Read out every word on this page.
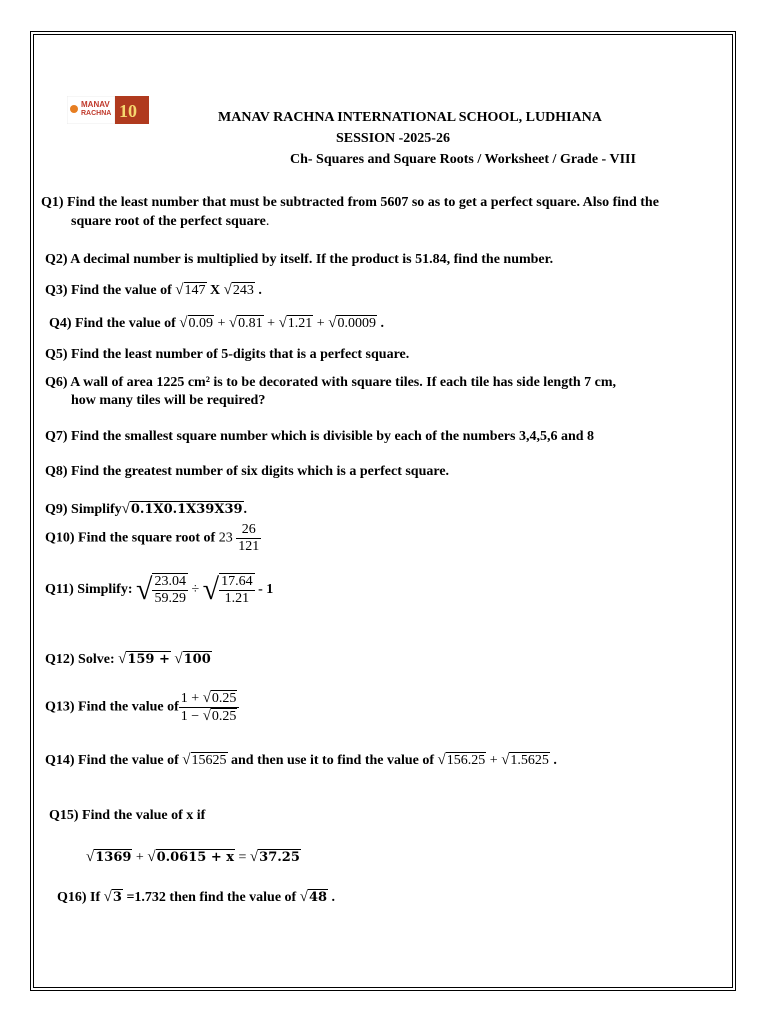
MANAV
RACHNA 10	MANAV RACHNA INTERNATIONAL SCHOOL, LUDHIANA
SESSION -2025-26
Ch- Squares and Square Roots / Worksheet / Grade - VIII
Q1) Find the least number that must be subtracted from 5607 so as to get a perfect square. Also find the
square root of the perfect square.
Q2) A decimal number is multiplied by itself. If the product is 51.84, find the number.
Q3) Find the value of √147 X √243 .
Q4) Find the value of √0.09 + √0.81 + √1.21 + √0.0009 .
Q5) Find the least number of 5-digits that is a perfect square.
Q6) A wall of area 1225 cm² is to be decorated with square tiles. If each tile has side length 7 cm,
how many tiles will be required?
Q7) Find the smallest square number which is divisible by each of the numbers 3,4,5,6 and 8
Q8) Find the greatest number of six digits which is a perfect square.
Q9) Simplify√0.1X0.1X39X39.
Q10) Find the square root of $23 \frac{26}{121}$
Q11) Simplify: √ $\frac{23.04}{59.29}$ ÷ √ $\frac{17.64}{1.21} - 1$
Q12) Solve: √159 + √100
Q13) Find the value of $\frac{1 + √0.25}{1 - √0.25}$
Q14) Find the value of √15625 and then use it to find the value of √156.25 + √1.5625 .
Q15) Find the value of x if
√1369 + √0.0615 + x = √37.25
Q16) If √3 =1.732 then find the value of √48 .
